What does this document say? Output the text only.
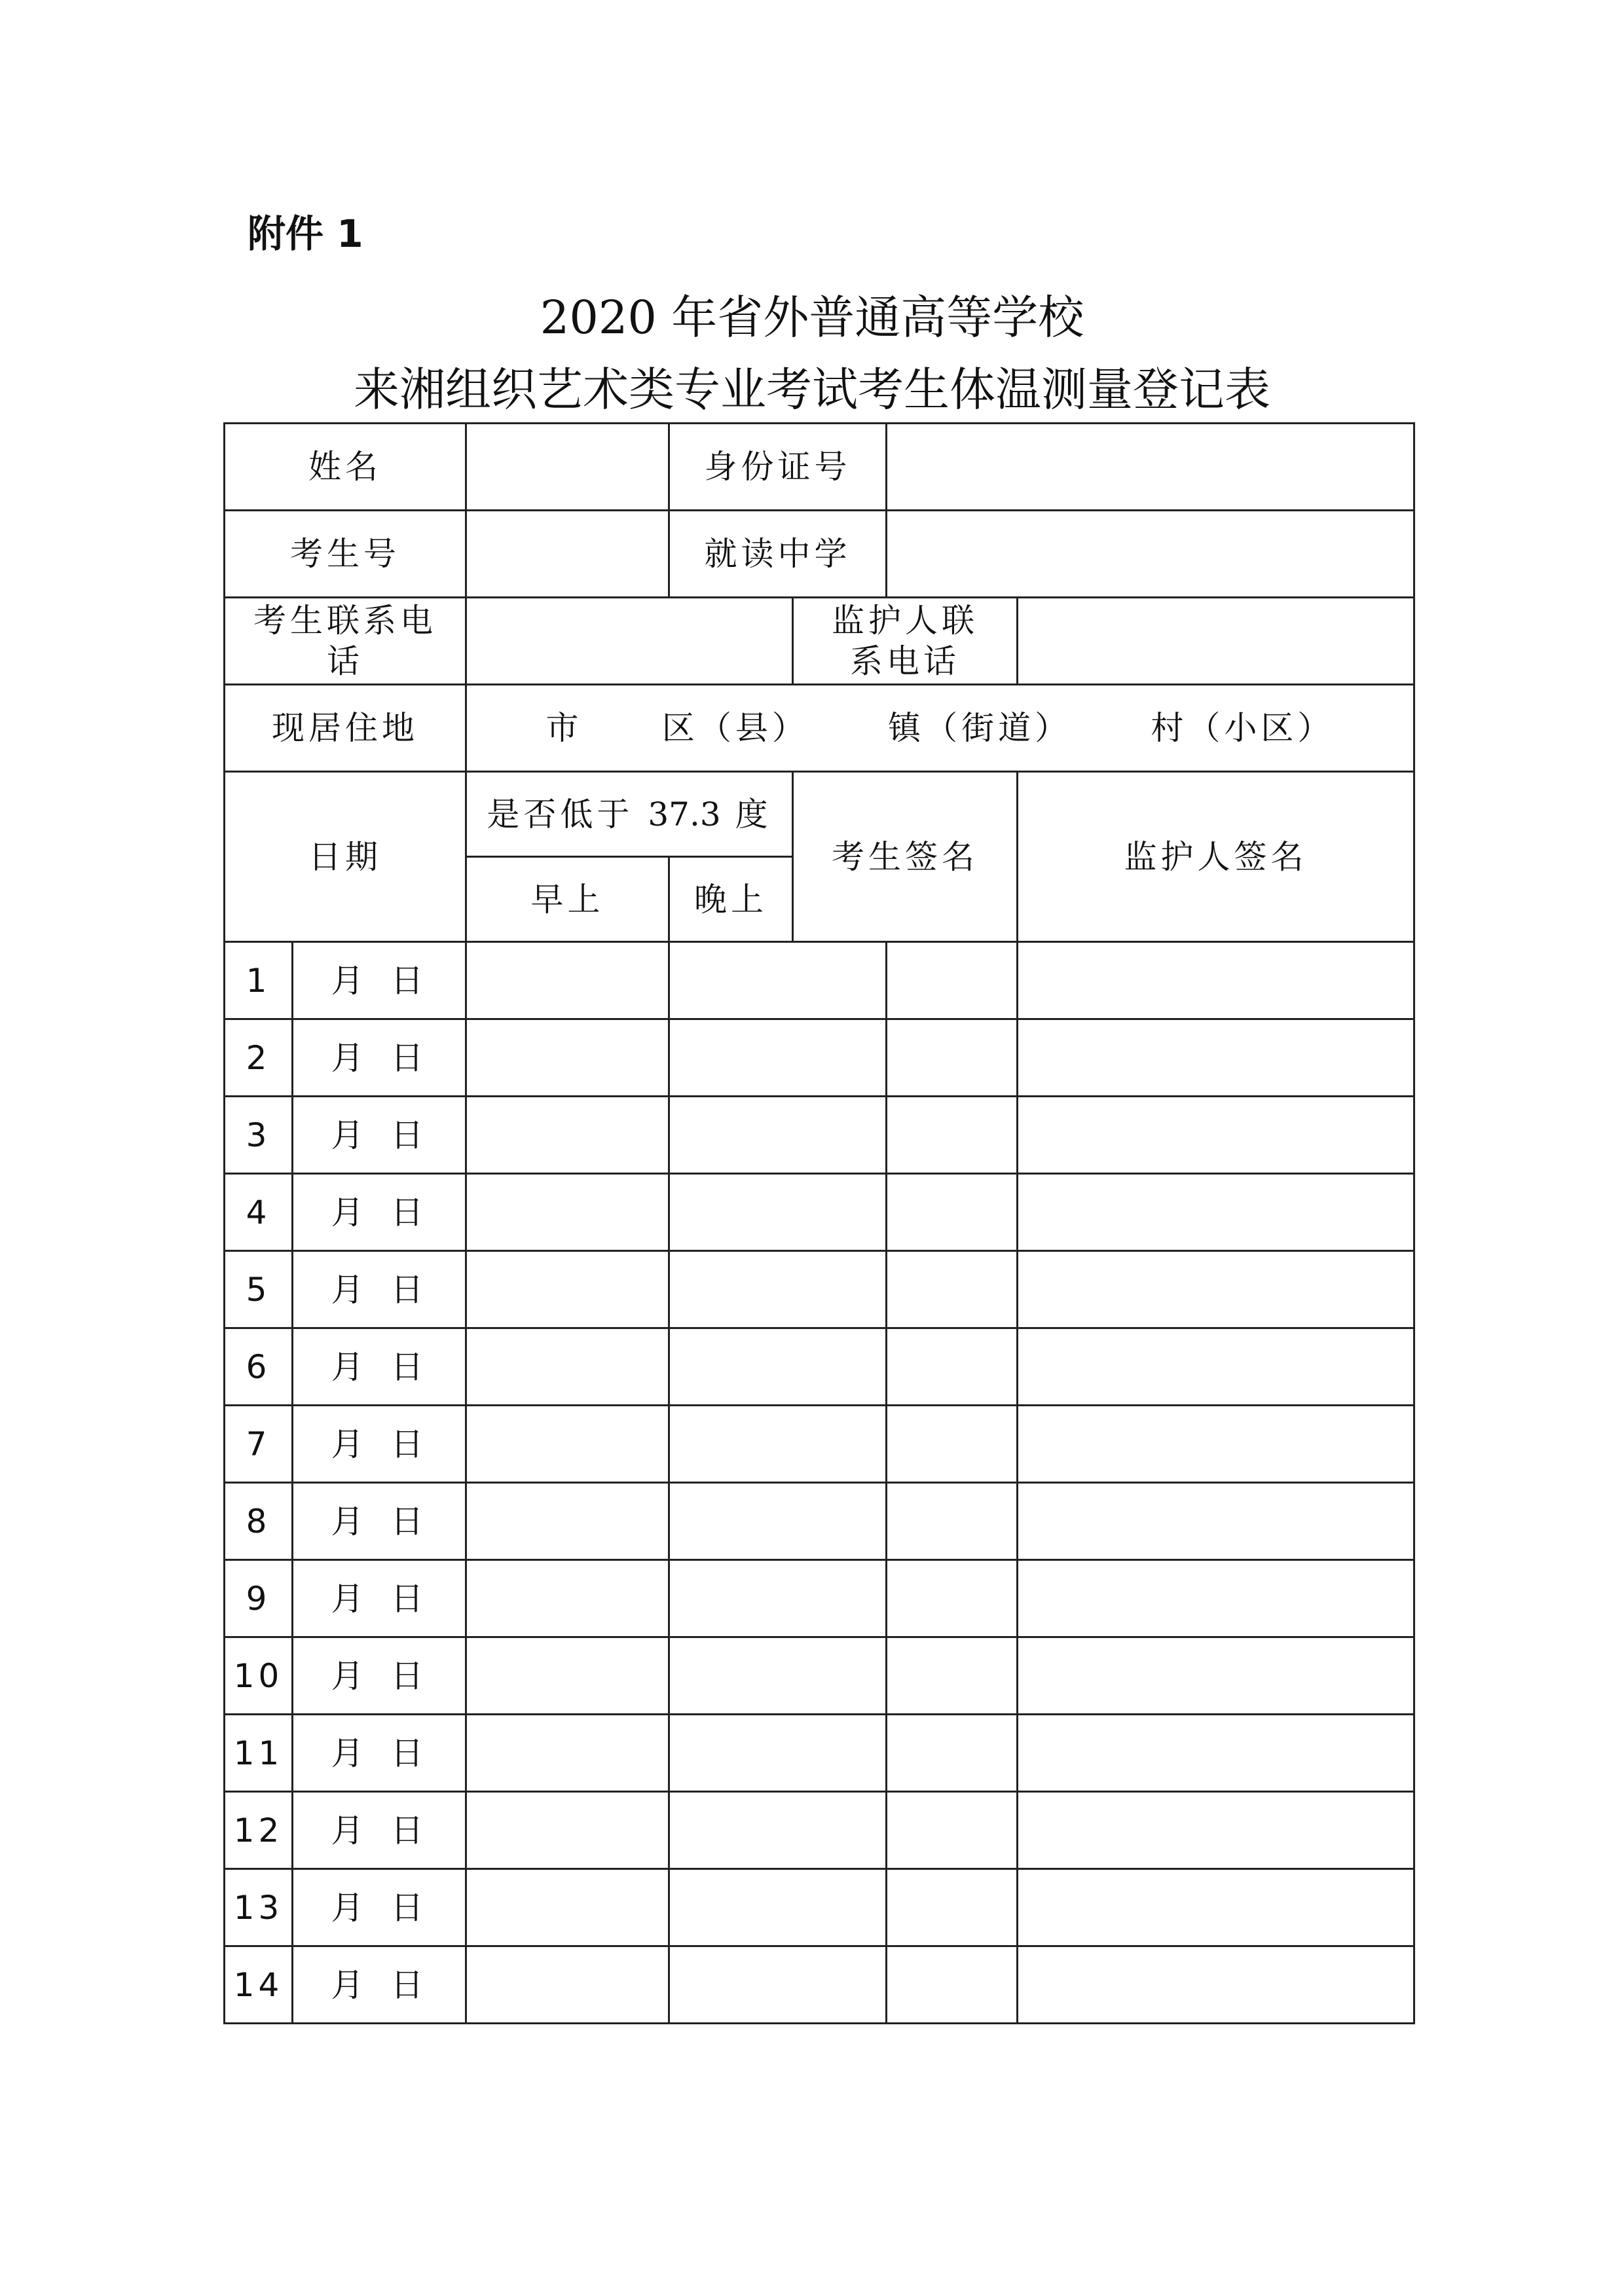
附件 1
2020 年省外普通高等学校
来湘组织艺术类专业考试考生体温测量登记表
姓名			身份证号			
考生号			就读中学			
考生联系电话				监护人联系电话		
现居住地		市 区（县） 镇（街道） 村（小区）				

日期		是否低于 37.3 度		考生签名		监护人签名
		早上	晚上			
1	月 日					

2	月 日					

3	月 日					

4	月 日					

5	月 日					

6	月 日					

7	月 日					

8	月 日					

9	月 日					

10	月 日					

11	月 日					

12	月 日					

13	月 日					

14	月 日					
